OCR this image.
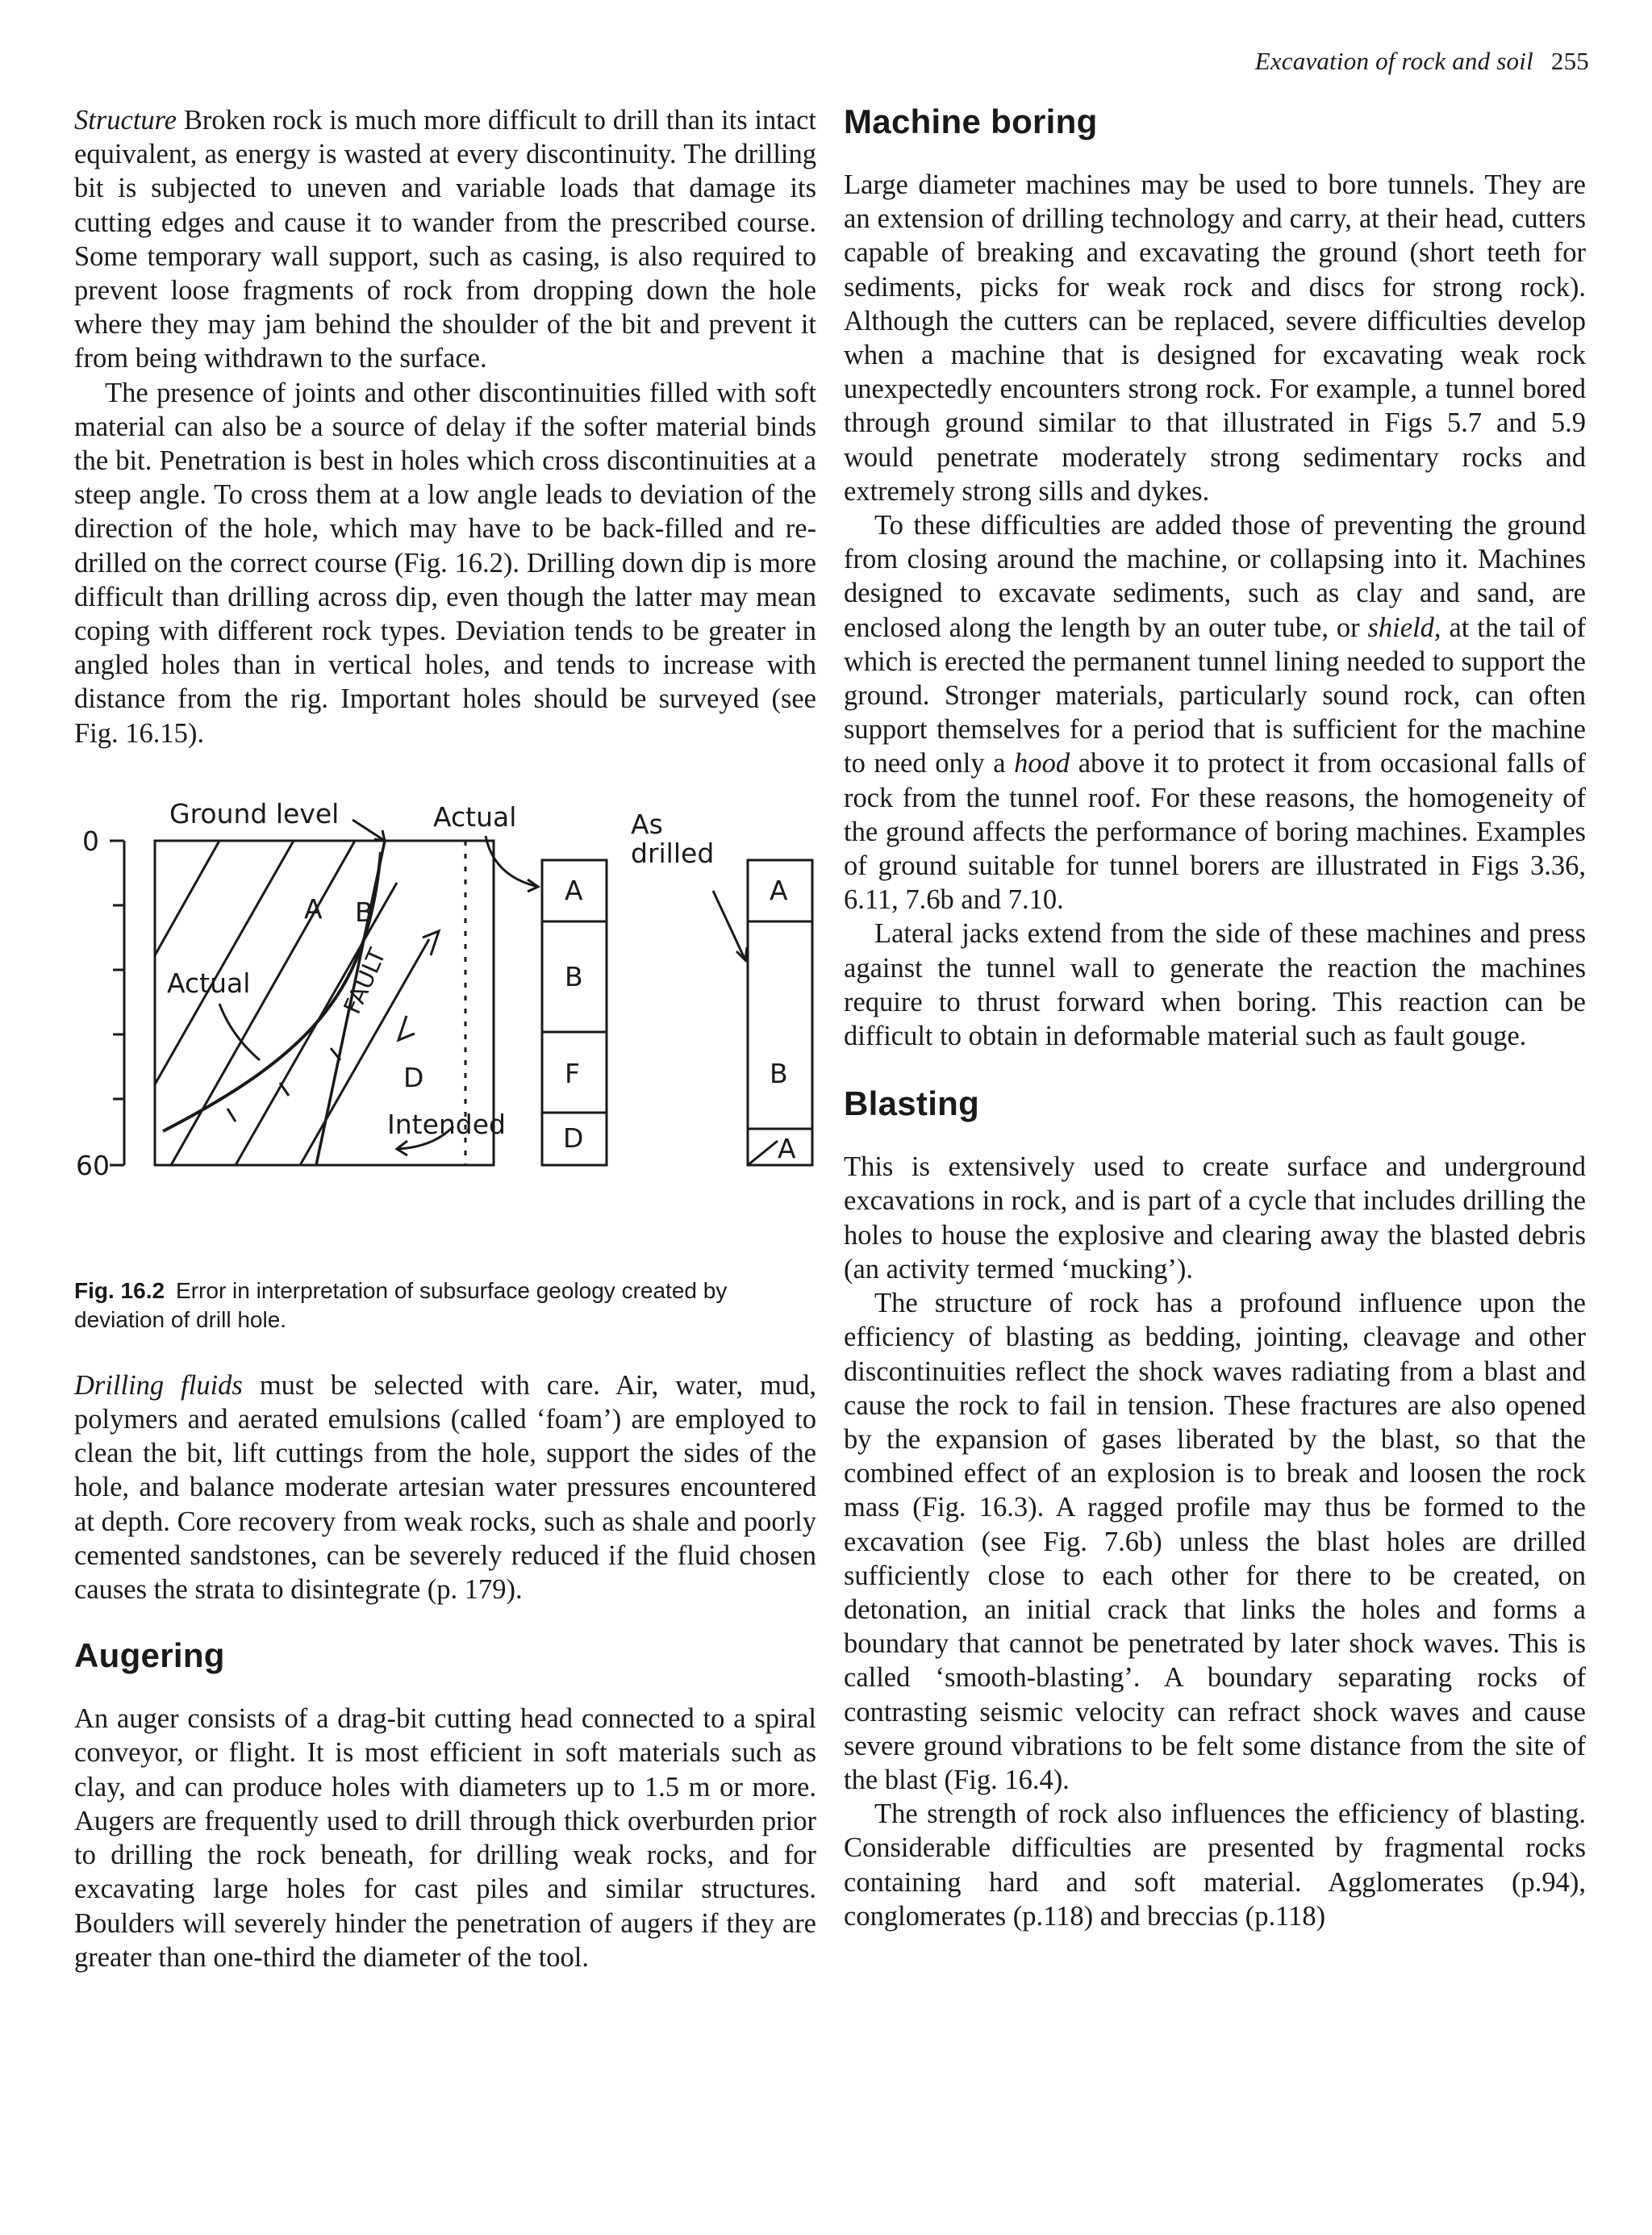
Excavation of rock and soil 255

Structure Broken rock is much more difficult to drill than its intact equivalent, as energy is wasted at every discontinuity. The drilling bit is subjected to uneven and variable loads that damage its cutting edges and cause it to wander from the prescribed course. Some temporary wall support, such as casing, is also required to prevent loose fragments of rock from dropping down the hole where they may jam behind the shoulder of the bit and prevent it from being withdrawn to the surface.

The presence of joints and other discontinuities filled with soft material can also be a source of delay if the softer material binds the bit. Penetration is best in holes which cross discontinuities at a steep angle. To cross them at a low angle leads to deviation of the direction of the hole, which may have to be back-filled and re-drilled on the correct course (Fig. 16.2). Drilling down dip is more difficult than drilling across dip, even though the latter may mean coping with different rock types. Deviation tends to be greater in angled holes than in vertical holes, and tends to increase with distance from the rig. Important holes should be surveyed (see Fig. 16.15).

Ground level	Actual	As drilled
0
60
A B
D
FAULT
Actual
Intended
A
B
F
D
A
B
A
Fig. 16.2 Error in interpretation of subsurface geology created by deviation of drill hole.

Drilling fluids must be selected with care. Air, water, mud, polymers and aerated emulsions (called ‘foam’) are employed to clean the bit, lift cuttings from the hole, support the sides of the hole, and balance moderate artesian water pressures encountered at depth. Core recovery from weak rocks, such as shale and poorly cemented sandstones, can be severely reduced if the fluid chosen causes the strata to disintegrate (p. 179).

Augering

An auger consists of a drag-bit cutting head connected to a spiral conveyor, or flight. It is most efficient in soft materials such as clay, and can produce holes with diameters up to 1.5 m or more. Augers are frequently used to drill through thick overburden prior to drilling the rock beneath, for drilling weak rocks, and for excavating large holes for cast piles and similar structures. Boulders will severely hinder the penetration of augers if they are greater than one-third the diameter of the tool.

Machine boring

Large diameter machines may be used to bore tunnels. They are an extension of drilling technology and carry, at their head, cutters capable of breaking and excavating the ground (short teeth for sediments, picks for weak rock and discs for strong rock). Although the cutters can be replaced, severe difficulties develop when a machine that is designed for excavating weak rock unexpectedly encounters strong rock. For example, a tunnel bored through ground similar to that illustrated in Figs 5.7 and 5.9 would penetrate moderately strong sedimentary rocks and extremely strong sills and dykes.

To these difficulties are added those of preventing the ground from closing around the machine, or collapsing into it. Machines designed to excavate sediments, such as clay and sand, are enclosed along the length by an outer tube, or shield, at the tail of which is erected the permanent tunnel lining needed to support the ground. Stronger materials, particularly sound rock, can often support themselves for a period that is sufficient for the machine to need only a hood above it to protect it from occasional falls of rock from the tunnel roof. For these reasons, the homogeneity of the ground affects the performance of boring machines. Examples of ground suitable for tunnel borers are illustrated in Figs 3.36, 6.11, 7.6b and 7.10.

Lateral jacks extend from the side of these machines and press against the tunnel wall to generate the reaction the machines require to thrust forward when boring. This reaction can be difficult to obtain in deformable material such as fault gouge.

Blasting

This is extensively used to create surface and underground excavations in rock, and is part of a cycle that includes drilling the holes to house the explosive and clearing away the blasted debris (an activity termed ‘mucking’).

The structure of rock has a profound influence upon the efficiency of blasting as bedding, jointing, cleavage and other discontinuities reflect the shock waves radiating from a blast and cause the rock to fail in tension. These fractures are also opened by the expansion of gases liberated by the blast, so that the combined effect of an explosion is to break and loosen the rock mass (Fig. 16.3). A ragged profile may thus be formed to the excavation (see Fig. 7.6b) unless the blast holes are drilled sufficiently close to each other for there to be created, on detonation, an initial crack that links the holes and forms a boundary that cannot be penetrated by later shock waves. This is called ‘smooth-blasting’. A boundary separating rocks of contrasting seismic velocity can refract shock waves and cause severe ground vibrations to be felt some distance from the site of the blast (Fig. 16.4).

The strength of rock also influences the efficiency of blasting. Considerable difficulties are presented by fragmental rocks containing hard and soft material. Agglomerates (p.94), conglomerates (p.118) and breccias (p.118)
